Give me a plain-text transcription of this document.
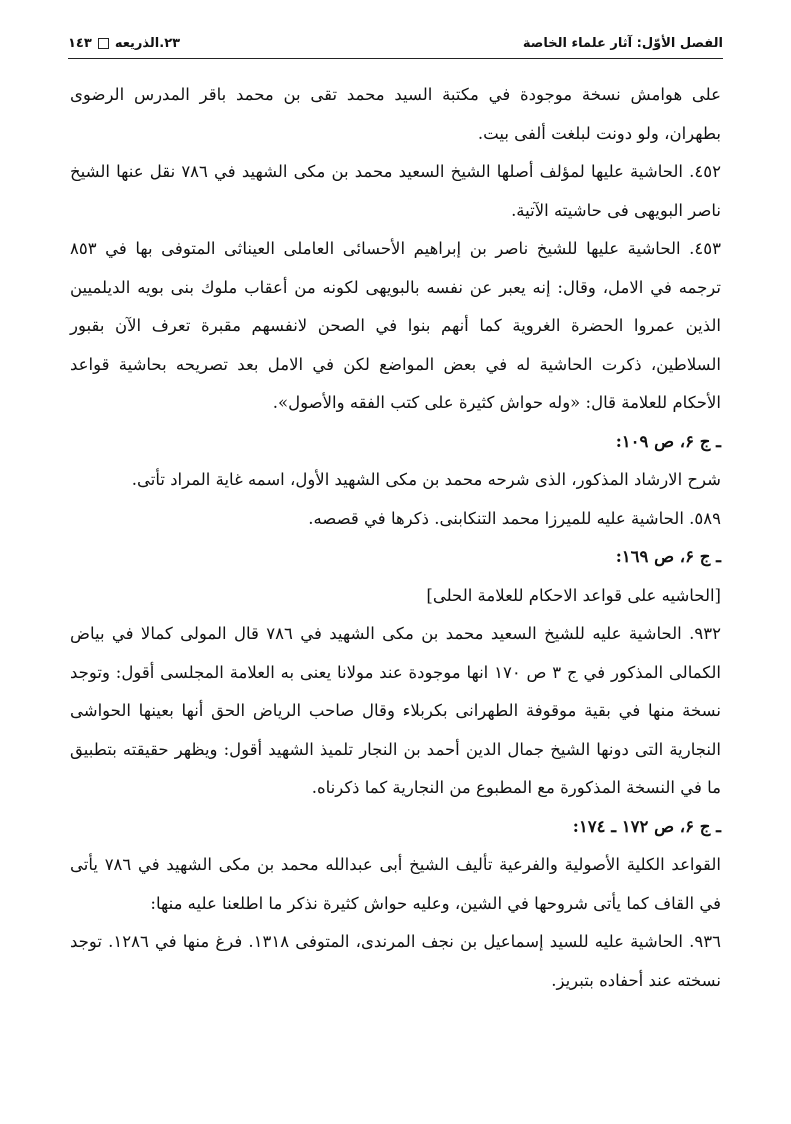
الفصل الأوّل: آثار علماء الخاصة
٢٣.الذريعه
١٤٣

على هوامش نسخة موجودة في مكتبة السيد محمد تقى بن محمد باقر المدرس الرضوى بطهران، ولو دونت لبلغت ألفى بيت.

٤٥٢. الحاشية عليها لمؤلف أصلها الشيخ السعيد محمد بن مكى الشهيد في ٧٨٦ نقل عنها الشيخ ناصر البويهى فى حاشيته الآتية.

٤٥٣. الحاشية عليها للشيخ ناصر بن إبراهيم الأحسائى العاملى العيناثى المتوفى بها في ٨٥٣ ترجمه في الامل، وقال: إنه يعبر عن نفسه بالبويهى لكونه من أعقاب ملوك بنى بويه الديلميين الذين عمروا الحضرة الغروية كما أنهم بنوا في الصحن لانفسهم مقبرة تعرف الآن بقبور السلاطين، ذكرت الحاشية له في بعض المواضع لكن في الامل بعد تصريحه بحاشية قواعد الأحكام للعلامة قال: «وله حواش كثيرة على كتب الفقه والأصول».

ـ ج ۶، ص ١٠٩:

شرح الارشاد المذكور، الذى شرحه محمد بن مكى الشهيد الأول، اسمه غاية المراد تأتى.

٥٨٩. الحاشية عليه للميرزا محمد التنكابنى. ذكرها في قصصه.

ـ ج ۶، ص ١٦٩:

[الحاشيه على قواعد الاحكام للعلامة الحلى]

٩٣٢. الحاشية عليه للشيخ السعيد محمد بن مكى الشهيد في ٧٨٦ قال المولى كمالا في بياض الكمالى المذكور في ج ٣ ص ١٧٠ انها موجودة عند مولانا يعنى به العلامة المجلسى أقول: وتوجد نسخة منها في بقية موقوفة الطهرانى بكربلاء وقال صاحب الرياض الحق أنها بعينها الحواشى النجارية التى دونها الشيخ جمال الدين أحمد بن النجار تلميذ الشهيد أقول: ويظهر حقيقته بتطبيق ما في النسخة المذكورة مع المطبوع من النجارية كما ذكرناه.

ـ ج ۶، ص ١٧٢ ـ ١٧٤:

القواعد الكلية الأصولية والفرعية تأليف الشيخ أبى عبدالله محمد بن مكى الشهيد في ٧٨٦ يأتى في القاف كما يأتى شروحها في الشين، وعليه حواش كثيرة نذكر ما اطلعنا عليه منها:

٩٣٦. الحاشية عليه للسيد إسماعيل بن نجف المرندى، المتوفى ١٣١٨. فرغ منها في ١٢٨٦. توجد نسخته عند أحفاده بتبريز.
